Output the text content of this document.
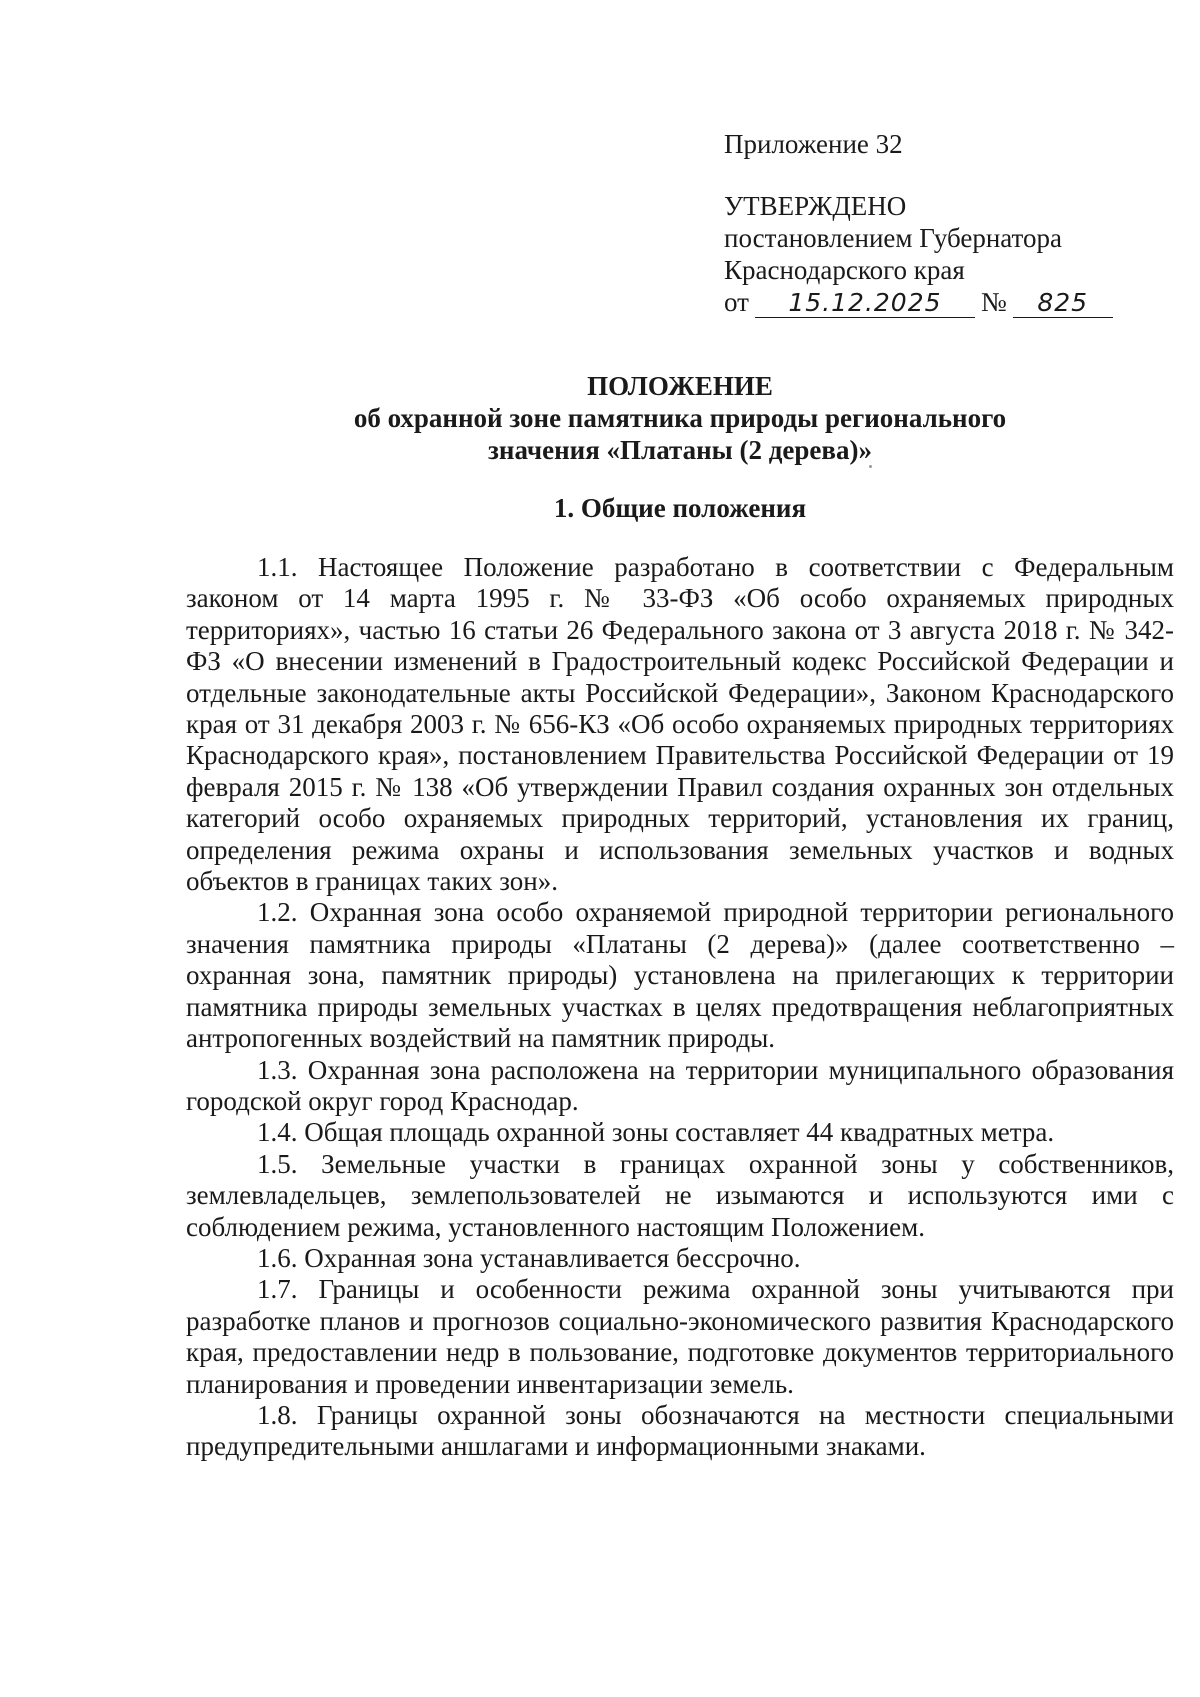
Приложение 32

УТВЕРЖДЕНО

постановлением Губернатора

Краснодарского края

от 15.12.2025 № 825

ПОЛОЖЕНИЕ

об охранной зоне памятника природы регионального

значения «Платаны (2 дерева)»

1. Общие положения

1.1. Настоящее Положение разработано в соответствии с Федеральным законом от 14 марта 1995 г. № 33-ФЗ «Об особо охраняемых природных территориях», частью 16 статьи 26 Федерального закона от 3 августа 2018 г. № 342-ФЗ «О внесении изменений в Градостроительный кодекс Российской Федерации и отдельные законодательные акты Российской Федерации», Законом Краснодарского края от 31 декабря 2003 г. № 656-КЗ «Об особо охраняемых природных территориях Краснодарского края», постановлением Правительства Российской Федерации от 19 февраля 2015 г. № 138 «Об утверждении Правил создания охранных зон отдельных категорий особо охраняемых природных территорий, установления их границ, определения режима охраны и использования земельных участков и водных объектов в границах таких зон».

1.2. Охранная зона особо охраняемой природной территории регионального значения памятника природы «Платаны (2 дерева)» (далее соответственно – охранная зона, памятник природы) установлена на прилегающих к территории памятника природы земельных участках в целях предотвращения неблагоприятных антропогенных воздействий на памятник природы.

1.3. Охранная зона расположена на территории муниципального образования городской округ город Краснодар.

1.4. Общая площадь охранной зоны составляет 44 квадратных метра.

1.5. Земельные участки в границах охранной зоны у собственников, землевладельцев, землепользователей не изымаются и используются ими с соблюдением режима, установленного настоящим Положением.

1.6. Охранная зона устанавливается бессрочно.

1.7. Границы и особенности режима охранной зоны учитываются при разработке планов и прогнозов социально-экономического развития Краснодарского края, предоставлении недр в пользование, подготовке документов территориального планирования и проведении инвентаризации земель.

1.8. Границы охранной зоны обозначаются на местности специальными предупредительными аншлагами и информационными знаками.
